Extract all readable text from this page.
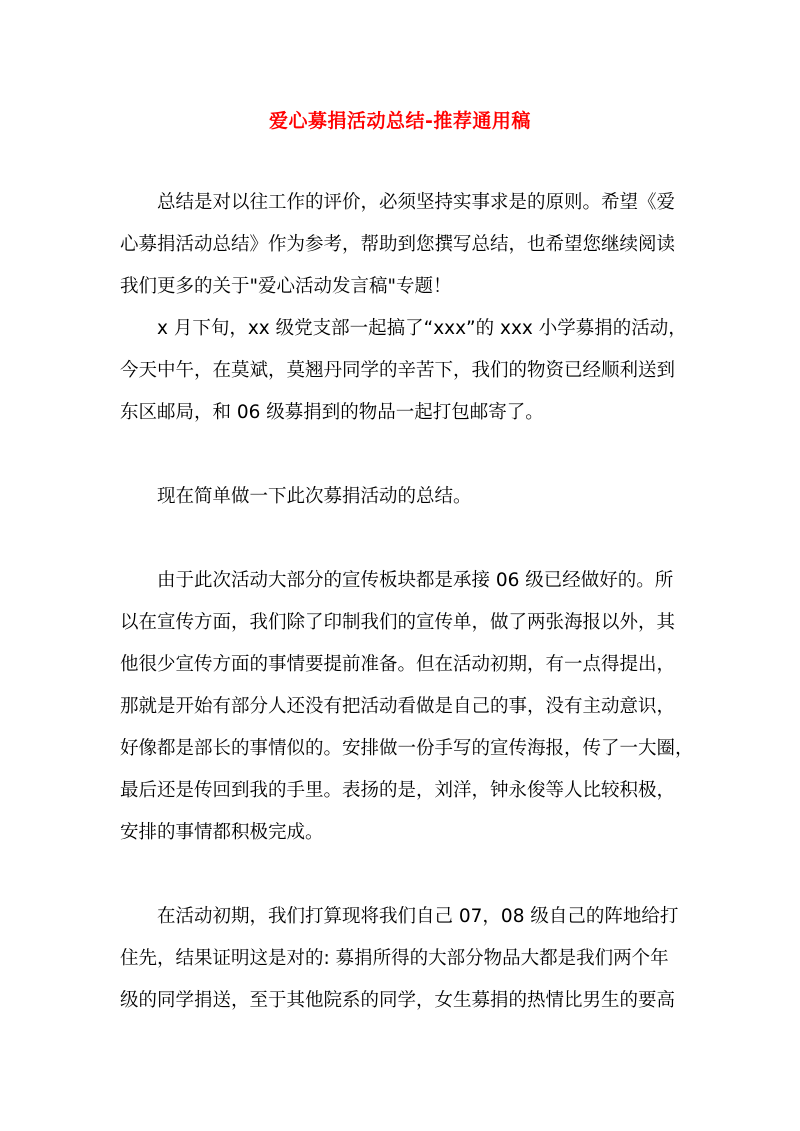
爱心募捐活动总结-推荐通用稿
总结是对以往工作的评价，必须坚持实事求是的原则。希望《爱
心募捐活动总结》作为参考，帮助到您撰写总结，也希望您继续阅读
我们更多的关于"爱心活动发言稿"专题！
x 月下旬，xx 级党支部一起搞了“xxx”的 xxx 小学募捐的活动，
今天中午，在莫斌，莫翘丹同学的辛苦下，我们的物资已经顺利送到
东区邮局，和 06 级募捐到的物品一起打包邮寄了。
现在简单做一下此次募捐活动的总结。
由于此次活动大部分的宣传板块都是承接 06 级已经做好的。所
以在宣传方面，我们除了印制我们的宣传单，做了两张海报以外，其
他很少宣传方面的事情要提前准备。但在活动初期，有一点得提出，
那就是开始有部分人还没有把活动看做是自己的事，没有主动意识，
好像都是部长的事情似的。安排做一份手写的宣传海报，传了一大圈，
最后还是传回到我的手里。表扬的是，刘洋，钟永俊等人比较积极，
安排的事情都积极完成。
在活动初期，我们打算现将我们自己 07，08 级自己的阵地给打
住先，结果证明这是对的: 募捐所得的大部分物品大都是我们两个年
级的同学捐送，至于其他院系的同学，女生募捐的热情比男生的要高
